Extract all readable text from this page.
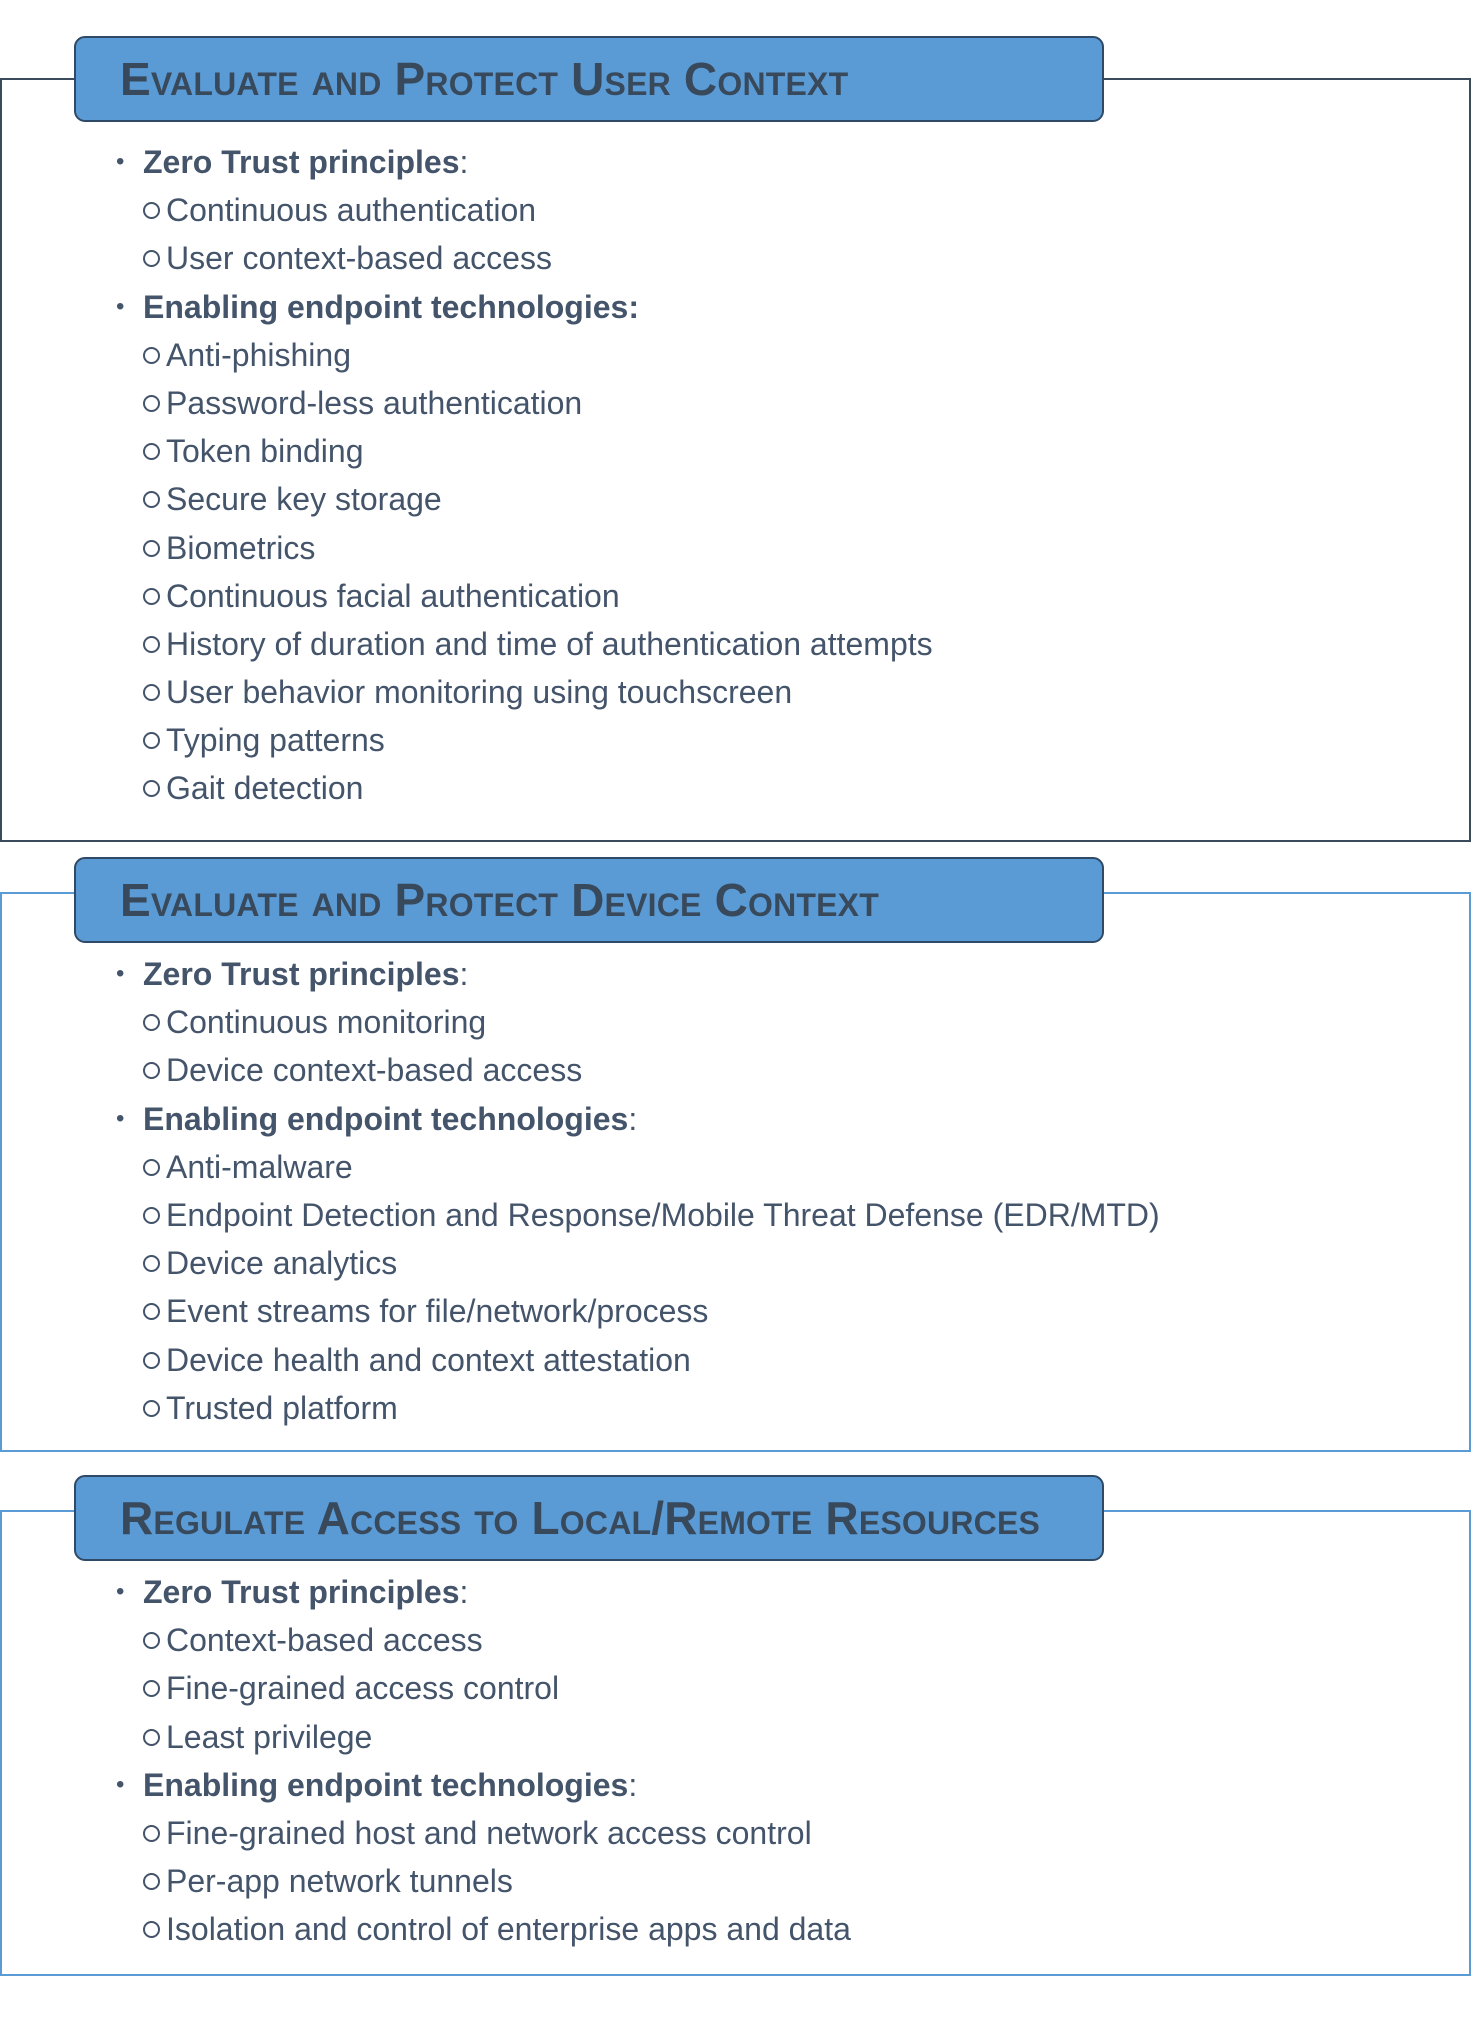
Evaluate and Protect User Context
• Zero Trust principles:
Continuous authentication
User context-based access
• Enabling endpoint technologies:
Anti-phishing
Password-less authentication
Token binding
Secure key storage
Biometrics
Continuous facial authentication
History of duration and time of authentication attempts
User behavior monitoring using touchscreen
Typing patterns
Gait detection
Evaluate and Protect Device Context
• Zero Trust principles:
Continuous monitoring
Device context-based access
• Enabling endpoint technologies:
Anti-malware
Endpoint Detection and Response/Mobile Threat Defense (EDR/MTD)
Device analytics
Event streams for file/network/process
Device health and context attestation
Trusted platform
Regulate Access to Local/Remote Resources
• Zero Trust principles:
Context-based access
Fine-grained access control
Least privilege
• Enabling endpoint technologies:
Fine-grained host and network access control
Per-app network tunnels
Isolation and control of enterprise apps and data
